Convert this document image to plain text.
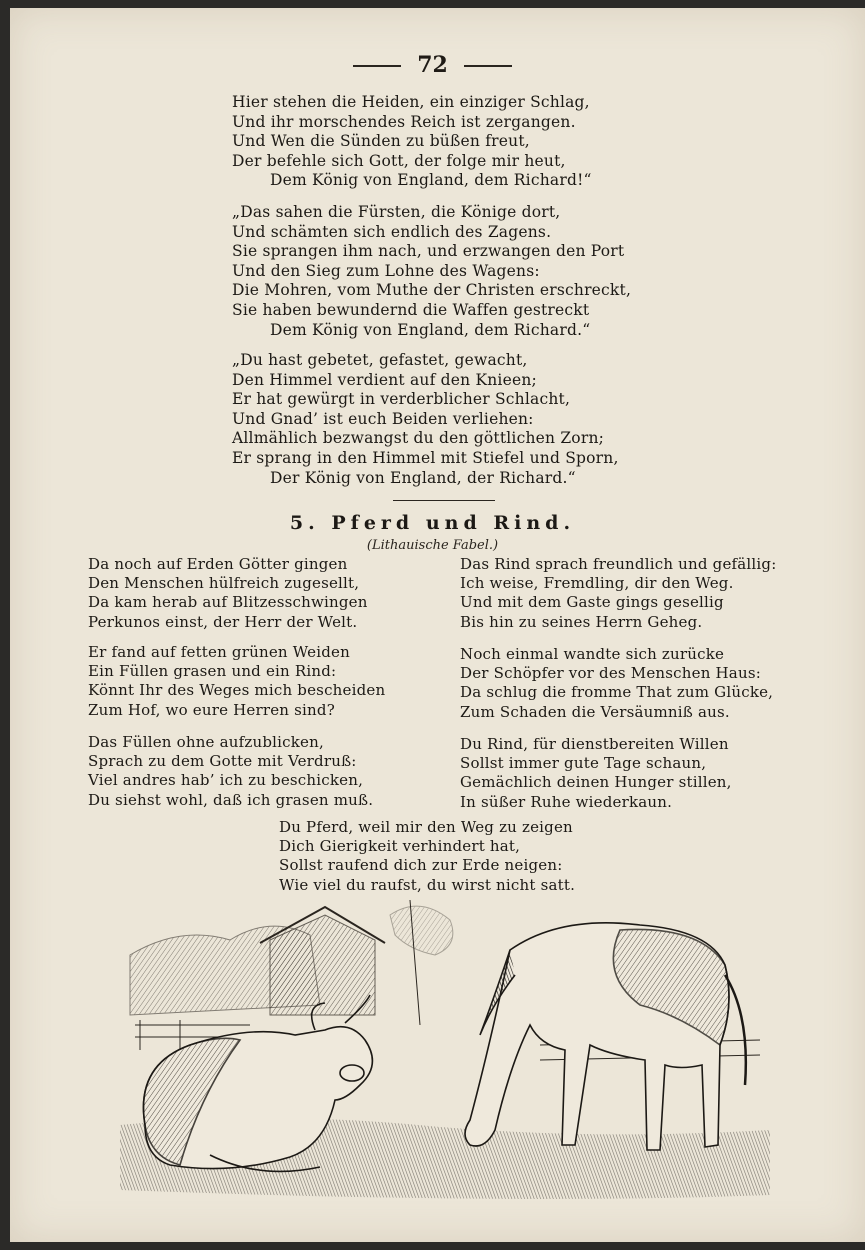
72
Hier stehen die Heiden, ein einziger Schlag,
Und ihr morschendes Reich ist zergangen.
Und Wen die Sünden zu büßen freut,
Der befehle sich Gott, der folge mir heut,
Dem König von England, dem Richard!“
„Das sahen die Fürsten, die Könige dort,
Und schämten sich endlich des Zagens.
Sie sprangen ihm nach, und erzwangen den Port
Und den Sieg zum Lohne des Wagens:
Die Mohren, vom Muthe der Christen erschreckt,
Sie haben bewundernd die Waffen gestreckt
Dem König von England, dem Richard.“
„Du hast gebetet, gefastet, gewacht,
Den Himmel verdient auf den Knieen;
Er hat gewürgt in verderblicher Schlacht,
Und Gnad’ ist euch Beiden verliehen:
Allmählich bezwangst du den göttlichen Zorn;
Er sprang in den Himmel mit Stiefel und Sporn,
Der König von England, der Richard.“
5. Pferd und Rind.
(Lithauische Fabel.)
Da noch auf Erden Götter gingen
Den Menschen hülfreich zugesellt,
Da kam herab auf Blitzesschwingen
Perkunos einst, der Herr der Welt.
Er fand auf fetten grünen Weiden
Ein Füllen grasen und ein Rind:
Könnt Ihr des Weges mich bescheiden
Zum Hof, wo eure Herren sind?
Das Füllen ohne aufzublicken,
Sprach zu dem Gotte mit Verdruß:
Viel andres hab’ ich zu beschicken,
Du siehst wohl, daß ich grasen muß.
Das Rind sprach freundlich und gefällig:
Ich weise, Fremdling, dir den Weg.
Und mit dem Gaste gings gesellig
Bis hin zu seines Herrn Geheg.
Noch einmal wandte sich zurücke
Der Schöpfer vor des Menschen Haus:
Da schlug die fromme That zum Glücke,
Zum Schaden die Versäumniß aus.
Du Rind, für dienstbereiten Willen
Sollst immer gute Tage schaun,
Gemächlich deinen Hunger stillen,
In süßer Ruhe wiederkaun.
Du Pferd, weil mir den Weg zu zeigen
Dich Gierigkeit verhindert hat,
Sollst raufend dich zur Erde neigen:
Wie viel du raufst, du wirst nicht satt.
